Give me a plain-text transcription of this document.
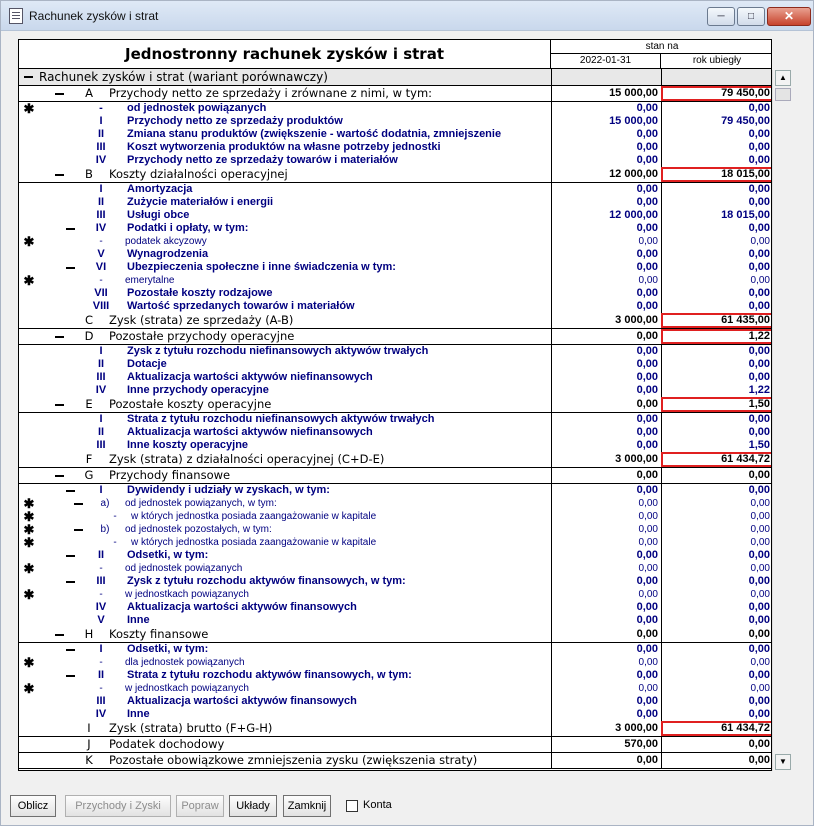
Rachunek zysków i strat	─	□	✕
Jednostronny rachunek zysków i strat	stan na
2022-01-31	rok ubiegły
Rachunek zysków i strat (wariant porównawczy)
A	Przychody netto ze sprzedaży i zrównane z nimi, w tym:	15 000,00	79 450,00
✱	-	od jednostek powiązanych	0,00	0,00
I	Przychody netto ze sprzedaży produktów	15 000,00	79 450,00
II	Zmiana stanu produktów (zwiększenie - wartość dodatnia, zmniejszenie	0,00	0,00
III	Koszt wytworzenia produktów na własne potrzeby jednostki	0,00	0,00
IV	Przychody netto ze sprzedaży towarów i materiałów	0,00	0,00
B	Koszty działalności operacyjnej	12 000,00	18 015,00
I	Amortyzacja	0,00	0,00
II	Zużycie materiałów i energii	0,00	0,00
III	Usługi obce	12 000,00	18 015,00
IV	Podatki i opłaty, w tym:	0,00	0,00
✱	-	podatek akcyzowy	0,00	0,00
V	Wynagrodzenia	0,00	0,00
VI	Ubezpieczenia społeczne i inne świadczenia w tym:	0,00	0,00
✱	-	emerytalne	0,00	0,00
VII	Pozostałe koszty rodzajowe	0,00	0,00
VIII	Wartość sprzedanych towarów i materiałów	0,00	0,00
C	Zysk (strata) ze sprzedaży (A-B)	3 000,00	61 435,00
D	Pozostałe przychody operacyjne	0,00	1,22
I	Zysk z tytułu rozchodu niefinansowych aktywów trwałych	0,00	0,00
II	Dotacje	0,00	0,00
III	Aktualizacja wartości aktywów niefinansowych	0,00	0,00
IV	Inne przychody operacyjne	0,00	1,22
E	Pozostałe koszty operacyjne	0,00	1,50
I	Strata z tytułu rozchodu niefinansowych aktywów trwałych	0,00	0,00
II	Aktualizacja wartości aktywów niefinansowych	0,00	0,00
III	Inne koszty operacyjne	0,00	1,50
F	Zysk (strata) z działalności operacyjnej (C+D-E)	3 000,00	61 434,72
G	Przychody finansowe	0,00	0,00
I	Dywidendy i udziały w zyskach, w tym:	0,00	0,00
✱	a)	od jednostek powiązanych, w tym:	0,00	0,00
✱	-	w których jednostka posiada zaangażowanie w kapitale	0,00	0,00
✱	b)	od jednostek pozostałych, w tym:	0,00	0,00
✱	-	w których jednostka posiada zaangażowanie w kapitale	0,00	0,00
II	Odsetki, w tym:	0,00	0,00
✱	-	od jednostek powiązanych	0,00	0,00
III	Zysk z tytułu rozchodu aktywów finansowych, w tym:	0,00	0,00
✱	-	w jednostkach powiązanych	0,00	0,00
IV	Aktualizacja wartości aktywów finansowych	0,00	0,00
V	Inne	0,00	0,00
H	Koszty finansowe	0,00	0,00
I	Odsetki, w tym:	0,00	0,00
✱	-	dla jednostek powiązanych	0,00	0,00
II	Strata z tytułu rozchodu aktywów finansowych, w tym:	0,00	0,00
✱	-	w jednostkach powiązanych	0,00	0,00
III	Aktualizacja wartości aktywów finansowych	0,00	0,00
IV	Inne	0,00	0,00
I	Zysk (strata) brutto (F+G-H)	3 000,00	61 434,72
J	Podatek dochodowy	570,00	0,00
K	Pozostałe obowiązkowe zmniejszenia zysku (zwiększenia straty)	0,00	0,00
▲
▼
Oblicz	Przychody i Zyski	Popraw	Układy	Zamknij	Konta
